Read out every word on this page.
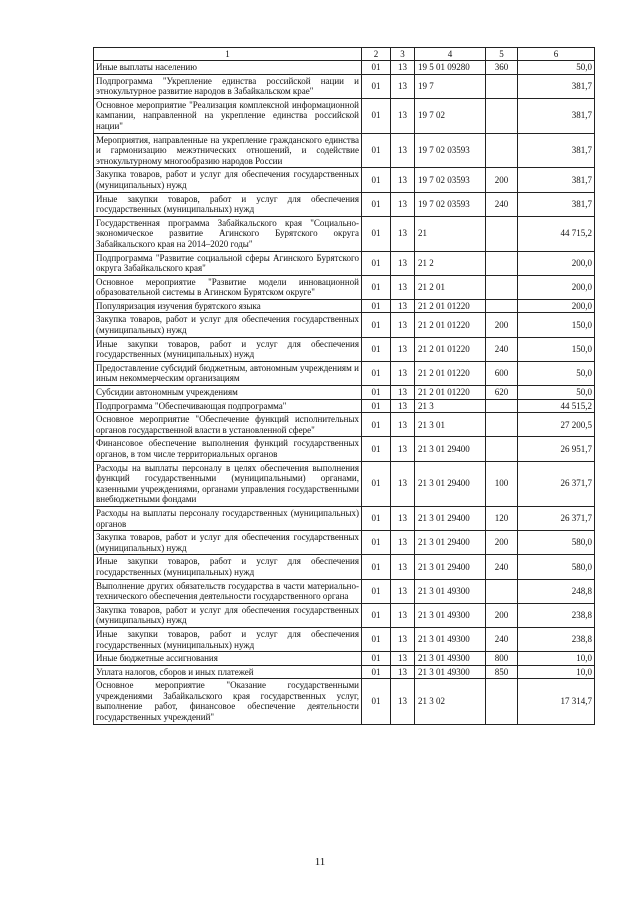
1	2	3	4	5	6
Иные выплаты населению	01	13	19 5 01 09280	360	50,0
Подпрограмма "Укрепление единства российской нации и этнокультурное развитие народов в Забайкальском крае"	01	13	19 7		381,7
Основное мероприятие "Реализация комплексной информационной кампании, направленной на укрепление единства российской нации"	01	13	19 7 02		381,7
Мероприятия, направленные на укрепление гражданского единства и гармонизацию межэтнических отношений, и содействие этнокультурному многообразию народов России	01	13	19 7 02 03593		381,7
Закупка товаров, работ и услуг для обеспечения государственных (муниципальных) нужд	01	13	19 7 02 03593	200	381,7
Иные закупки товаров, работ и услуг для обеспечения государственных (муниципальных) нужд	01	13	19 7 02 03593	240	381,7
Государственная программа Забайкальского края "Социально-экономическое развитие Агинского Бурятского округа Забайкальского края на 2014–2020 годы"	01	13	21		44 715,2
Подпрограмма "Развитие социальной сферы Агинского Бурятского округа Забайкальского края"	01	13	21 2		200,0
Основное мероприятие "Развитие модели инновационной образовательной системы в Агинском Бурятском округе"	01	13	21 2 01		200,0
Популяризация изучения бурятского языка	01	13	21 2 01 01220		200,0
Закупка товаров, работ и услуг для обеспечения государственных (муниципальных) нужд	01	13	21 2 01 01220	200	150,0
Иные закупки товаров, работ и услуг для обеспечения государственных (муниципальных) нужд	01	13	21 2 01 01220	240	150,0
Предоставление субсидий бюджетным, автономным учреждениям и иным некоммерческим организациям	01	13	21 2 01 01220	600	50,0
Субсидии автономным учреждениям	01	13	21 2 01 01220	620	50,0
Подпрограмма "Обеспечивающая подпрограмма"	01	13	21 3		44 515,2
Основное мероприятие "Обеспечение функций исполнительных органов государственной власти в установленной сфере"	01	13	21 3 01		27 200,5
Финансовое обеспечение выполнения функций государственных органов, в том числе территориальных органов	01	13	21 3 01 29400		26 951,7
Расходы на выплаты персоналу в целях обеспечения выполнения функций государственными (муниципальными) органами, казенными учреждениями, органами управления государственными внебюджетными фондами	01	13	21 3 01 29400	100	26 371,7
Расходы на выплаты персоналу государственных (муниципальных) органов	01	13	21 3 01 29400	120	26 371,7
Закупка товаров, работ и услуг для обеспечения государственных (муниципальных) нужд	01	13	21 3 01 29400	200	580,0
Иные закупки товаров, работ и услуг для обеспечения государственных (муниципальных) нужд	01	13	21 3 01 29400	240	580,0
Выполнение других обязательств государства в части материально-технического обеспечения деятельности государственного органа	01	13	21 3 01 49300		248,8
Закупка товаров, работ и услуг для обеспечения государственных (муниципальных) нужд	01	13	21 3 01 49300	200	238,8
Иные закупки товаров, работ и услуг для обеспечения государственных (муниципальных) нужд	01	13	21 3 01 49300	240	238,8
Иные бюджетные ассигнования	01	13	21 3 01 49300	800	10,0
Уплата налогов, сборов и иных платежей	01	13	21 3 01 49300	850	10,0
Основное мероприятие "Оказание государственными учреждениями Забайкальского края государственных услуг, выполнение работ, финансовое обеспечение деятельности государственных учреждений"	01	13	21 3 02		17 314,7
11
